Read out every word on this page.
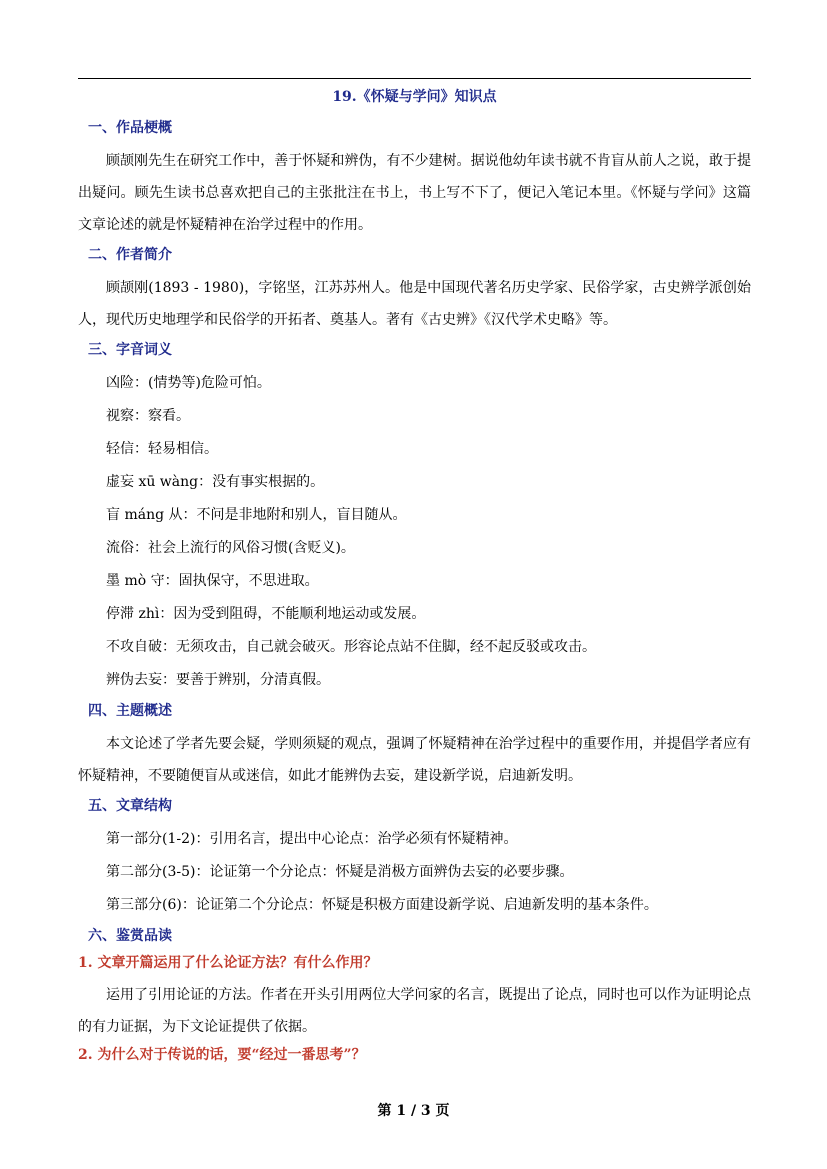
19.《怀疑与学问》知识点
一、作品梗概

顾颉刚先生在研究工作中，善于怀疑和辨伪，有不少建树。据说他幼年读书就不肯盲从前人之说，敢于提出疑问。顾先生读书总喜欢把自己的主张批注在书上，书上写不下了，便记入笔记本里。《怀疑与学问》这篇文章论述的就是怀疑精神在治学过程中的作用。

二、作者简介

顾颉刚(1893 - 1980)，字铭坚，江苏苏州人。他是中国现代著名历史学家、民俗学家，古史辨学派创始人，现代历史地理学和民俗学的开拓者、奠基人。著有《古史辨》《汉代学术史略》等。

三、字音词义

凶险：(情势等)危险可怕。

视察：察看。

轻信：轻易相信。

虚妄 xū wàng：没有事实根据的。

盲 máng 从：不问是非地附和别人，盲目随从。

流俗：社会上流行的风俗习惯(含贬义)。

墨 mò 守：固执保守，不思进取。

停滞 zhì：因为受到阻碍，不能顺利地运动或发展。

不攻自破：无须攻击，自己就会破灭。形容论点站不住脚，经不起反驳或攻击。

辨伪去妄：要善于辨别，分清真假。

四、主题概述

本文论述了学者先要会疑，学则须疑的观点，强调了怀疑精神在治学过程中的重要作用，并提倡学者应有怀疑精神，不要随便盲从或迷信，如此才能辨伪去妄，建设新学说，启迪新发明。

五、文章结构

第一部分(1-2)：引用名言，提出中心论点：治学必须有怀疑精神。

第二部分(3-5)：论证第一个分论点：怀疑是消极方面辨伪去妄的必要步骤。

第三部分(6)：论证第二个分论点：怀疑是积极方面建设新学说、启迪新发明的基本条件。

六、鉴赏品读
1. 文章开篇运用了什么论证方法？有什么作用？

运用了引用论证的方法。作者在开头引用两位大学问家的名言，既提出了论点，同时也可以作为证明论点的有力证据，为下文论证提供了依据。

2. 为什么对于传说的话，要“经过一番思考”？
第 1 / 3 页
